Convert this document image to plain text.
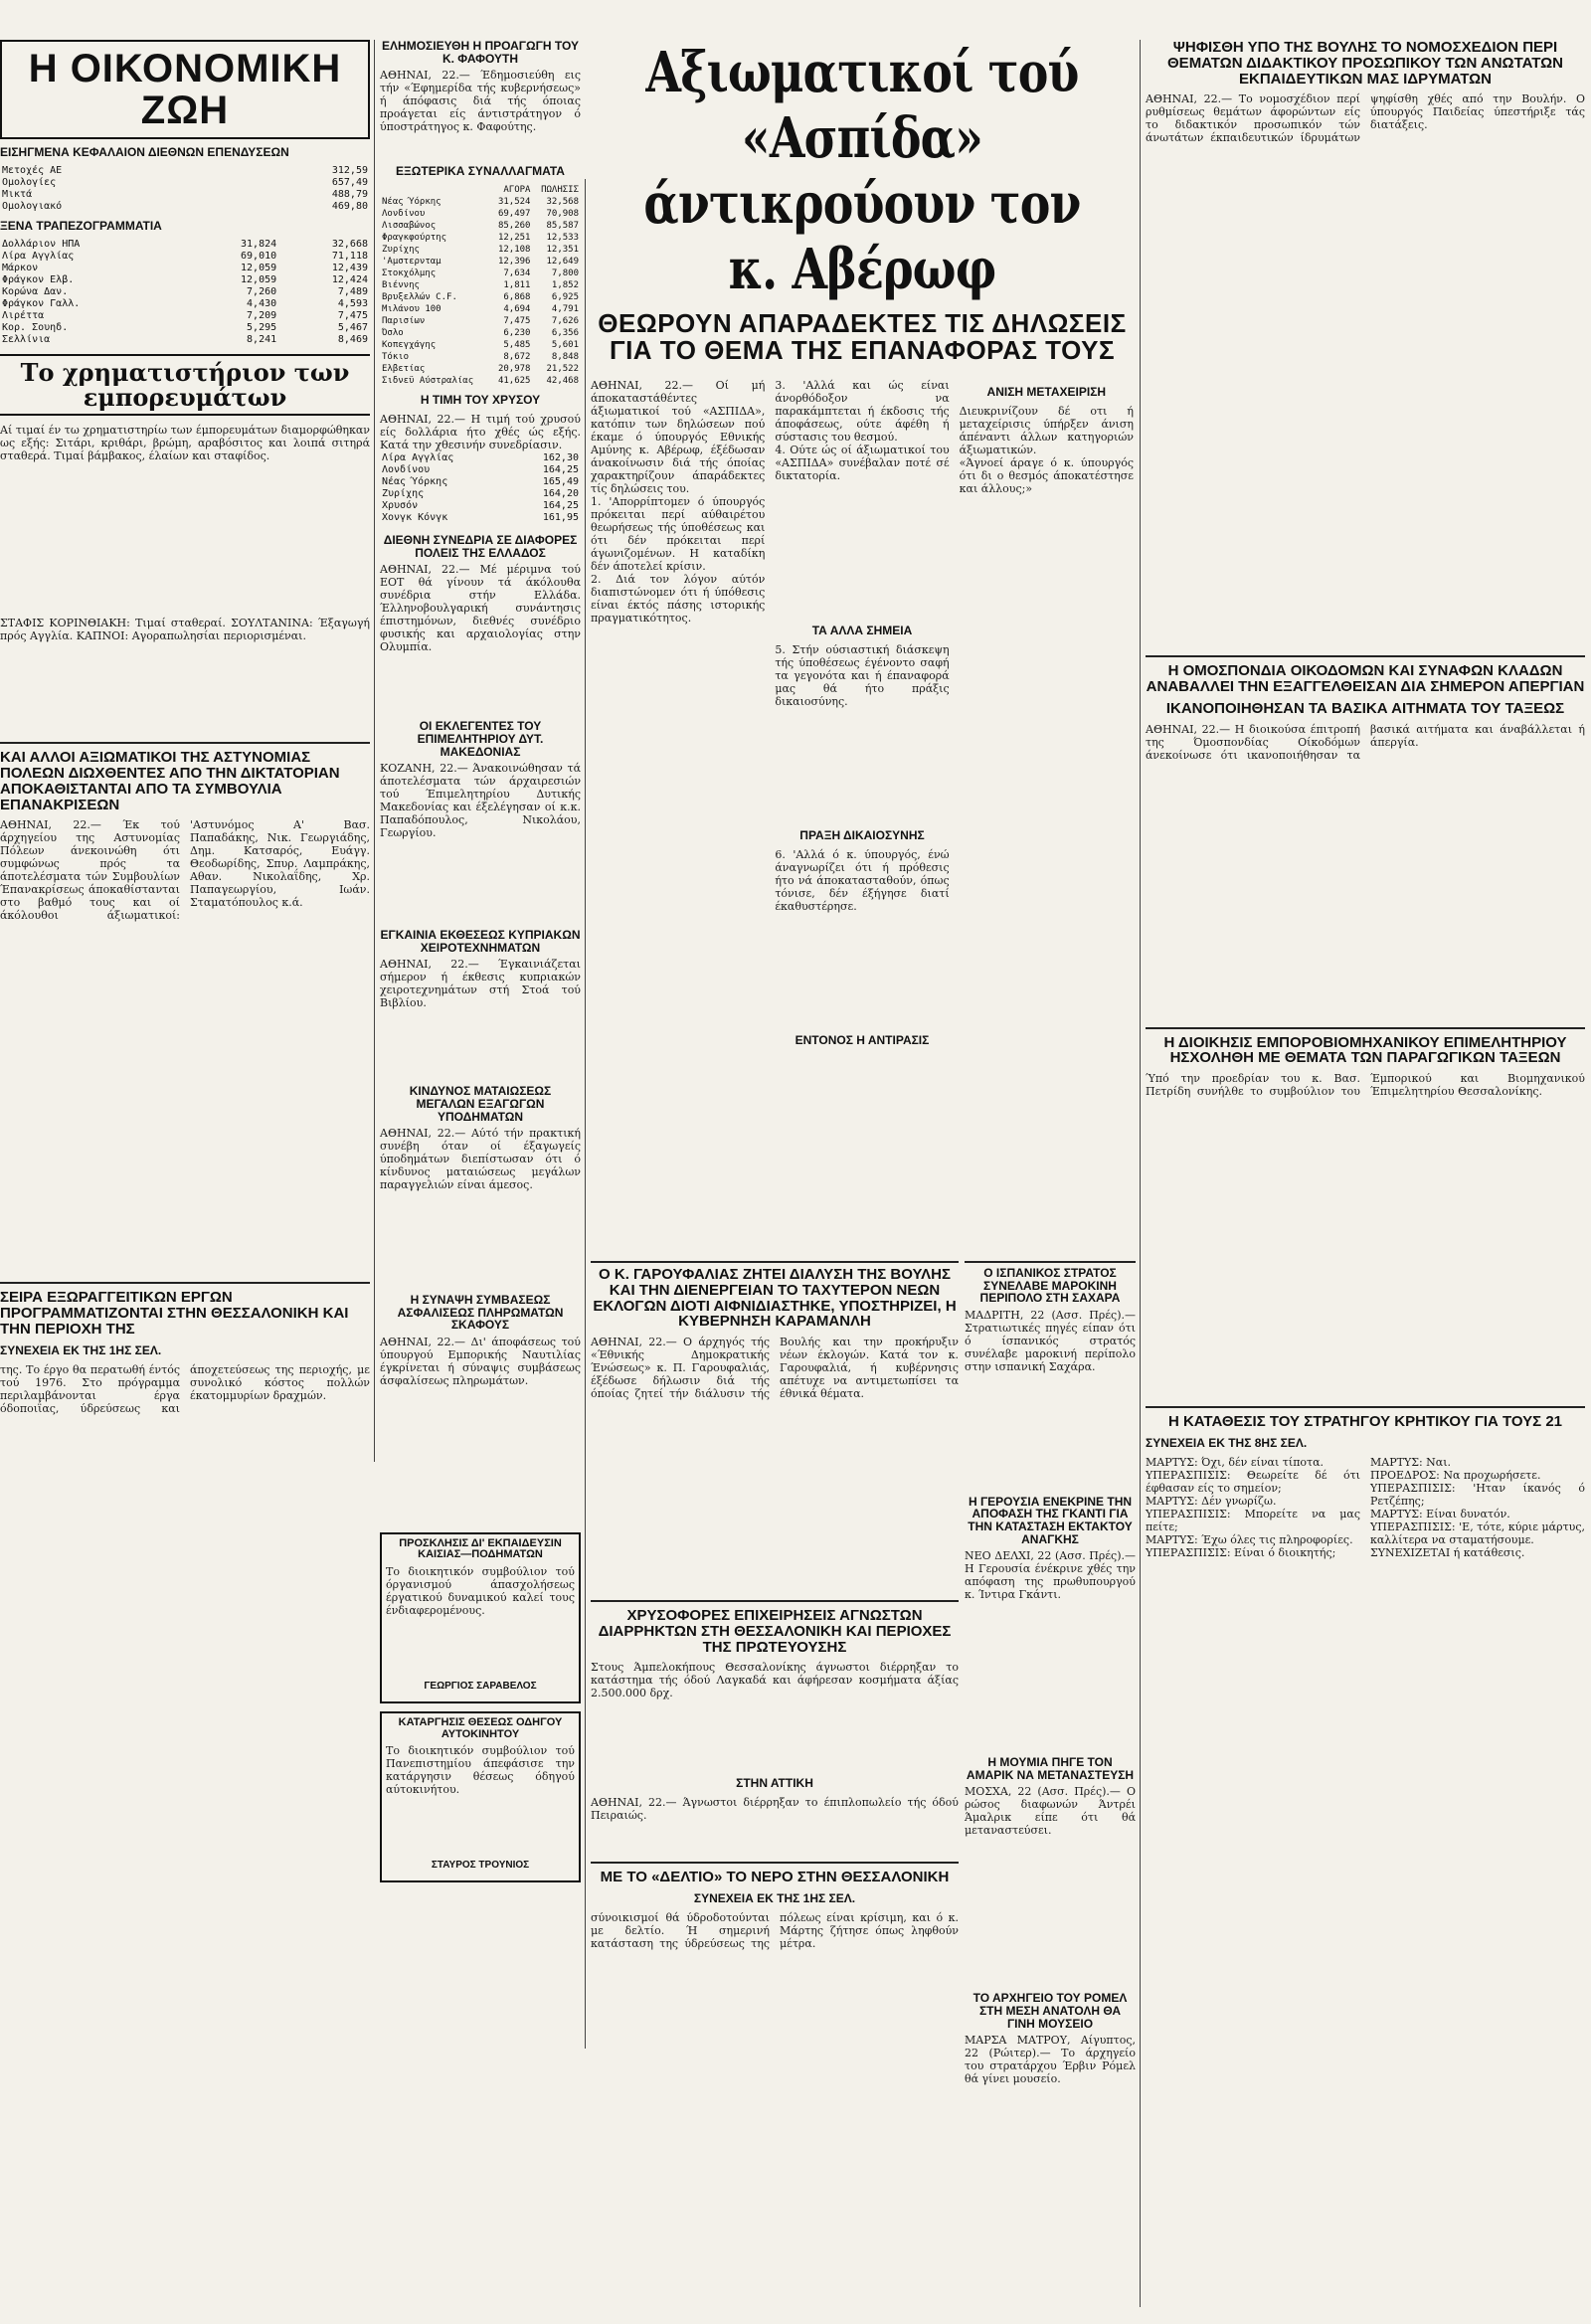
Η ΟΙΚΟΝΟΜΙΚΗ ΖΩΗ
ΕΙΣΗΓΜΕΝΑ ΚΕΦΑΛΑΙΟΝ ΔΙΕΘΝΩΝ ΕΠΕΝΔΥΣΕΩΝ
Μετοχές ΑΕ	312,59
Ομολογίες	657,49
Μικτά	488,79
Ομολογιακό	469,80
ΞΕΝΑ ΤΡΑΠΕΖΟΓΡΑΜΜΑΤΙΑ
Δολλάριον ΗΠΑ	31,824	32,668
Λίρα Αγγλίας	69,010	71,118
Μάρκον	12,059	12,439
Φράγκον Ελβ.	12,059	12,424
Κορώνα Δαν.	7,260	7,489
Φράγκον Γαλλ.	4,430	4,593
Λιρέττα	7,209	7,475
Κορ. Σουηδ.	5,295	5,467
Σελλίνια	8,241	8,469
Το χρηματιστήριον των εμπορευμάτων
Αί τιμαί έν τω χρηματιστηρίω των έμπορευμάτων διαμορφώθηκαν ως εξής: Σιτάρι, κριθάρι, βρώμη, αραβόσιτος και λοιπά σιτηρά σταθερά. Τιμαί βάμβακος, έλαίων και σταφίδος.
ΣΤΑΦΙΣ ΚΟΡΙΝΘΙΑΚΗ: Τιμαί σταθεραί. ΣΟΥΛΤΑΝΙΝΑ: Έξαγωγή πρός Αγγλία. ΚΑΠΝΟΙ: Αγοραπωλησίαι περιορισμέναι.
ΚΑΙ ΑΛΛΟΙ ΑΞΙΩΜΑΤΙΚΟΙ ΤΗΣ ΑΣΤΥΝΟΜΙΑΣ ΠΟΛΕΩΝ ΔΙΩΧΘΕΝΤΕΣ ΑΠΟ ΤΗΝ ΔΙΚΤΑΤΟΡΙΑΝ ΑΠΟΚΑΘΙΣΤΑΝΤΑΙ ΑΠΟ ΤΑ ΣΥΜΒΟΥΛΙΑ ΕΠΑΝΑΚΡΙΣΕΩΝ
ΑΘΗΝΑΙ, 22.— Έκ τού άρχηγείου της Αστυνομίας Πόλεων άνεκοινώθη ότι συμφώνως πρός τα άποτελέσματα τών Συμβουλίων Έπανακρίσεως άποκαθίστανται στο βαθμό τους και οί άκόλουθοι άξιωματικοί: 'Αστυνόμος Α' Βασ. Παπαδάκης, Νικ. Γεωργιάδης, Δημ. Κατσαρός, Ευάγγ. Θεοδωρίδης, Σπυρ. Λαμπράκης, Αθαν. Νικολαΐδης, Χρ. Παπαγεωργίου, Ιωάν. Σταματόπουλος κ.ά.
ΣΕΙΡΑ ΕΞΩΡΑΓΓΕΙΤΙΚΩΝ ΕΡΓΩΝ ΠΡΟΓΡΑΜΜΑΤΙΖΟΝΤΑΙ ΣΤΗΝ ΘΕΣΣΑΛΟΝΙΚΗ ΚΑΙ ΤΗΝ ΠΕΡΙΟΧΗ ΤΗΣ
ΣΥΝΕΧΕΙΑ ΕΚ ΤΗΣ 1ΗΣ ΣΕΛ.
της. Το έργο θα περατωθή έντός τού 1976. Στο πρόγραμμα περιλαμβάνονται έργα όδοποιΐας, ύδρεύσεως και άποχετεύσεως της περιοχής, με συνολικό κόστος πολλών έκατομμυρίων δραχμών.
ΕΛΗΜΟΣΙΕΥΘΗ Η ΠΡΟΑΓΩΓΗ ΤΟΥ Κ. ΦΑΦΟΥΤΗ
ΑΘΗΝΑΙ, 22.— Έδημοσιεύθη εις τήν «Έφημερίδα τής κυβερνήσεως» ή άπόφασις διά τής όποιας προάγεται είς άντιστράτηγον ό ύποστράτηγος κ. Φαφούτης.
ΕΞΩΤΕΡΙΚΑ ΣΥΝΑΛΛΑΓΜΑΤΑ
	ΑΓΟΡΑ	ΠΩΛΗΣΙΣ
Νέας Ύόρκης	31,524	32,568
Λονδίνου	69,497	70,908
Λισσαβώνος	85,260	85,587
Φραγκφούρτης	12,251	12,533
Ζυρίχης	12,108	12,351
'Αμστερνταμ	12,396	12,649
Στοκχόλμης	7,634	7,800
Βιέννης	1,811	1,852
Βρυξελλών C.F.	6,868	6,925
Μιλάνου 100	4,694	4,791
Παρισίων	7,475	7,626
Όσλο	6,230	6,356
Κοπεγχάγης	5,485	5,601
Τόκιο	8,672	8,848
Ελβετίας	20,978	21,522
Σιδνεϋ Αύστραλίας	41,625	42,468
Η ΤΙΜΗ ΤΟΥ ΧΡΥΣΟΥ
ΑΘΗΝΑΙ, 22.— Η τιμή τού χρυσού είς δολλάρια ήτο χθές ώς εξής. Κατά την χθεσινήν συνεδρίασιν.
Λίρα Αγγλίας	162,30
Λονδίνου	164,25
Νέας Ύόρκης	165,49
Ζυρίχης	164,20
Χρυσόν	164,25
Χονγκ Κόνγκ	161,95
ΔΙΕΘΝΗ ΣΥΝΕΔΡΙΑ ΣΕ ΔΙΑΦΟΡΕΣ ΠΟΛΕΙΣ ΤΗΣ ΕΛΛΑΔΟΣ
ΑΘΗΝΑΙ, 22.— Μέ μέριμνα τού ΕΟΤ θά γίνουν τά άκόλουθα συνέδρια στήν Ελλάδα. Έλληνοβουλγαρική συνάντησις έπιστημόνων, διεθνές συνέδριο φυσικής και αρχαιολογίας στην Ολυμπία.
ΟΙ ΕΚΛΕΓΕΝΤΕΣ ΤΟΥ ΕΠΙΜΕΛΗΤΗΡΙΟΥ ΔΥΤ. ΜΑΚΕΔΟΝΙΑΣ
ΚΟΖΑΝΗ, 22.— Άνακοινώθησαν τά άποτελέσματα τών άρχαιρεσιών τού Έπιμελητηρίου Δυτικής Μακεδονίας και έξελέγησαν οί κ.κ. Παπαδόπουλος, Νικολάου, Γεωργίου.
ΕΓΚΑΙΝΙΑ ΕΚΘΕΣΕΩΣ ΚΥΠΡΙΑΚΩΝ ΧΕΙΡΟΤΕΧΝΗΜΑΤΩΝ
ΑΘΗΝΑΙ, 22.— Έγκαινιάζεται σήμερον ή έκθεσις κυπριακών χειροτεχνημάτων στή Στοά τού Βιβλίου.
ΚΙΝΔΥΝΟΣ ΜΑΤΑΙΩΣΕΩΣ ΜΕΓΑΛΩΝ ΕΞΑΓΩΓΩΝ ΥΠΟΔΗΜΑΤΩΝ
ΑΘΗΝΑΙ, 22.— Αύτό τήν πρακτική συνέβη όταν οί έξαγωγείς ύποδημάτων διεπίστωσαν ότι ό κίνδυνος ματαιώσεως μεγάλων παραγγελιών είναι άμεσος.
Η ΣΥΝΑΨΗ ΣΥΜΒΑΣΕΩΣ ΑΣΦΑΛΙΣΕΩΣ ΠΛΗΡΩΜΑΤΩΝ ΣΚΑΦΟΥΣ
ΑΘΗΝΑΙ, 22.— Δι' άποφάσεως τού ύπουργού Εμπορικής Ναυτιλίας έγκρίνεται ή σύναψις συμβάσεως άσφαλίσεως πληρωμάτων.
ΠΡΟΣΚΛΗΣΙΣ ΔΙ' ΕΚΠΑΙΔΕΥΣΙΝ ΚΑΙΣΙΑΣ—ΠΟΔΗΜΑΤΩΝ
Το διοικητικόν συμβούλιον τού όργανισμού άπασχολήσεως έργατικού δυναμικού καλεί τους ένδιαφερομένους.
ΓΕΩΡΓΙΟΣ ΣΑΡΑΒΕΛΟΣ
ΚΑΤΑΡΓΗΣΙΣ ΘΕΣΕΩΣ ΟΔΗΓΟΥ ΑΥΤΟΚΙΝΗΤΟΥ
Το διοικητικόν συμβούλιον τού Πανεπιστημίου άπεφάσισε την κατάργησιν θέσεως όδηγού αύτοκινήτου.
ΣΤΑΥΡΟΣ ΤΡΟΥΝΙΟΣ
Αξιωματικοί τού «Ασπίδα»
άντικρούουν τον κ. Αβέρωφ
ΘΕΩΡΟΥΝ ΑΠΑΡΑΔΕΚΤΕΣ ΤΙΣ ΔΗΛΩΣΕΙΣ
ΓΙΑ ΤΟ ΘΕΜΑ ΤΗΣ ΕΠΑΝΑΦΟΡΑΣ ΤΟΥΣ
ΑΘΗΝΑΙ, 22.— Οί μή άποκαταστάθέντες άξιωματικοί τού «ΑΣΠΙΔΑ», κατόπιν των δηλώσεων πού έκαμε ό ύπουργός Εθνικής Αμύνης κ. Αβέρωφ, έξέδωσαν άνακοίνωσιν διά τής όποίας χαρακτηρίζουν άπαράδεκτες τίς δηλώσεις του.
1. 'Απορρίπτομεν ό ύπουργός πρόκειται περί αύθαιρέτου θεωρήσεως τής ύποθέσεως και ότι δέν πρόκειται περί άγωνιζομένων. Η καταδίκη δέν άποτελεί κρίσιν.
2. Διά τον λόγον αύτόν διαπιστώνομεν ότι ή ύπόθεσις είναι έκτός πάσης ιστορικής πραγματικότητος.
3. 'Αλλά και ώς είναι άνορθόδοξον να παρακάμπτεται ή έκδοσις τής άποφάσεως, ούτε άφέθη ή σύστασις του θεσμού.
4. Ούτε ώς οί άξιωματικοί του «ΑΣΠΙΔΑ» συνέβαλαν ποτέ σέ δικτατορία.
ΤΑ ΑΛΛΑ ΣΗΜΕΙΑ
5. Στήν ούσιαστική διάσκεψη τής ύποθέσεως έγένοντο σαφή τα γεγονότα και ή έπαναφορά μας θά ήτο πράξις δικαιοσύνης.
ΠΡΑΞΗ ΔΙΚΑΙΟΣΥΝΗΣ
6. 'Αλλά ό κ. ύπουργός, ένώ άναγνωρίζει ότι ή πρόθεσις ήτο νά άποκατασταθούν, όπως τόνισε, δέν έξήγησε διατί έκαθυστέρησε.
ΕΝΤΟΝΟΣ Η ΑΝΤΙΡΑΣΙΣ
ΑΝΙΣΗ ΜΕΤΑΧΕΙΡΙΣΗ
Διευκρινίζουν δέ οτι ή μεταχείρισις ύπήρξεν άνιση άπέναντι άλλων κατηγοριών άξιωματικών.
«Άγνοεί άραγε ό κ. ύπουργός ότι δι ο θεσμός άποκατέστησε και άλλους;»
Ο Κ. ΓΑΡΟΥΦΑΛΙΑΣ ΖΗΤΕΙ ΔΙΑΛΥΣΗ ΤΗΣ ΒΟΥΛΗΣ ΚΑΙ ΤΗΝ ΔΙΕΝΕΡΓΕΙΑΝ ΤΟ ΤΑΧΥΤΕΡΟΝ ΝΕΩΝ ΕΚΛΟΓΩΝ ΔΙΟΤΙ ΑΙΦΝΙΔΙΑΣΤΗΚΕ, ΥΠΟΣΤΗΡΙΖΕΙ, Η ΚΥΒΕΡΝΗΣΗ ΚΑΡΑΜΑΝΛΗ
ΑΘΗΝΑΙ, 22.— Ο άρχηγός τής «Έθνικής Δημοκρατικής Ένώσεως» κ. Π. Γαρουφαλιάς, έξέδωσε δήλωσιν διά τής όποίας ζητεί τήν διάλυσιν τής Βουλής και την προκήρυξιν νέων έκλογών. Κατά τον κ. Γαρουφαλιά, ή κυβέρνησις απέτυχε να αντιμετωπίσει τα έθνικά θέματα.
ΧΡΥΣΟΦΟΡΕΣ ΕΠΙΧΕΙΡΗΣΕΙΣ ΑΓΝΩΣΤΩΝ ΔΙΑΡΡΗΚΤΩΝ ΣΤΗ ΘΕΣΣΑΛΟΝΙΚΗ ΚΑΙ ΠΕΡΙΟΧΕΣ ΤΗΣ ΠΡΩΤΕΥΟΥΣΗΣ
Στους Άμπελοκήπους Θεσσαλονίκης άγνωστοι διέρρηξαν το κατάστημα τής όδού Λαγκαδά και άφήρεσαν κοσμήματα άξίας 2.500.000 δρχ.
ΣΤΗΝ ΑΤΤΙΚΗ
ΑΘΗΝΑΙ, 22.— Άγνωστοι διέρρηξαν το έπιπλοπωλείο τής όδού Πειραιώς.
ΜΕ ΤΟ «ΔΕΛΤΙΟ» ΤΟ ΝΕΡΟ ΣΤΗΝ ΘΕΣΣΑΛΟΝΙΚΗ
ΣΥΝΕΧΕΙΑ ΕΚ ΤΗΣ 1ΗΣ ΣΕΛ.
σύνοικισμοί θά ύδροδοτούνται με δελτίο. Ή σημερινή κατάσταση της ύδρεύσεως της πόλεως είναι κρίσιμη, και ό κ. Μάρτης ζήτησε όπως ληφθούν μέτρα.
Ο ΙΣΠΑΝΙΚΟΣ ΣΤΡΑΤΟΣ ΣΥΝΕΛΑΒΕ ΜΑΡΟΚΙΝΗ ΠΕΡΙΠΟΛΟ ΣΤΗ ΣΑΧΑΡΑ
ΜΑΔΡΙΤΗ, 22 (Ασσ. Πρές).— Στρατιωτικές πηγές είπαν ότι ό ίσπανικός στρατός συνέλαβε μαροκινή περίπολο στην ισπανική Σαχάρα.
Η ΓΕΡΟΥΣΙΑ ΕΝΕΚΡΙΝΕ ΤΗΝ ΑΠΟΦΑΣΗ ΤΗΣ ΓΚΑΝΤΙ ΓΙΑ ΤΗΝ ΚΑΤΑΣΤΑΣΗ ΕΚΤΑΚΤΟΥ ΑΝΑΓΚΗΣ
ΝΕΟ ΔΕΛΧΙ, 22 (Ασσ. Πρές).— Η Γερουσία ένέκρινε χθές την απόφαση της πρωθυπουργού κ. Ίντιρα Γκάντι.
Η ΜΟΥΜΙΑ ΠΗΓΕ ΤΟΝ ΑΜΑΡΙΚ ΝΑ ΜΕΤΑΝΑΣΤΕΥΣΗ
ΜΟΣΧΑ, 22 (Ασσ. Πρές).— Ο ρώσος διαφωνών Άντρέι Άμαλρικ είπε ότι θά μεταναστεύσει.
ΤΟ ΑΡΧΗΓΕΙΟ ΤΟΥ ΡΟΜΕΛ ΣΤΗ ΜΕΣΗ ΑΝΑΤΟΛΗ ΘΑ ΓΙΝΗ ΜΟΥΣΕΙΟ
ΜΑΡΣΑ ΜΑΤΡΟΥ, Αίγυπτος, 22 (Ρώιτερ).— Το άρχηγείο του στρατάρχου Έρβιν Ρόμελ θά γίνει μουσείο.
ΨΗΦΙΣΘΗ ΥΠΟ ΤΗΣ ΒΟΥΛΗΣ ΤΟ ΝΟΜΟΣΧΕΔΙΟΝ ΠΕΡΙ ΘΕΜΑΤΩΝ ΔΙΔΑΚΤΙΚΟΥ ΠΡΟΣΩΠΙΚΟΥ ΤΩΝ ΑΝΩΤΑΤΩΝ ΕΚΠΑΙΔΕΥΤΙΚΩΝ ΜΑΣ ΙΔΡΥΜΑΤΩΝ
ΑΘΗΝΑΙ, 22.— Το νομοσχέδιον περί ρυθμίσεως θεμάτων άφορώντων είς το διδακτικόν προσωπικόν τών άνωτάτων έκπαιδευτικών ίδρυμάτων ψηφίσθη χθές από την Βουλήν. Ο ύπουργός Παιδείας ύπεστήριξε τάς διατάξεις.
Η ΟΜΟΣΠΟΝΔΙΑ ΟΙΚΟΔΟΜΩΝ ΚΑΙ ΣΥΝΑΦΩΝ ΚΛΑΔΩΝ ΑΝΑΒΑΛΛΕΙ ΤΗΝ ΕΞΑΓΓΕΛΘΕΙΣΑΝ ΔΙΑ ΣΗΜΕΡΟΝ ΑΠΕΡΓΙΑΝ
ΙΚΑΝΟΠΟΙΗΘΗΣΑΝ ΤΑ ΒΑΣΙΚΑ ΑΙΤΗΜΑΤΑ ΤΟΥ ΤΑΞΕΩΣ
ΑΘΗΝΑΙ, 22.— Η διοικούσα έπιτροπή της Όμοσπονδίας Οίκοδόμων άνεκοίνωσε ότι ικανοποιήθησαν τα βασικά αιτήματα και άναβάλλεται ή άπεργία.
Η ΔΙΟΙΚΗΣΙΣ ΕΜΠΟΡΟΒΙΟΜΗΧΑΝΙΚΟΥ ΕΠΙΜΕΛΗΤΗΡΙΟΥ ΗΣΧΟΛΗΘΗ ΜΕ ΘΕΜΑΤΑ ΤΩΝ ΠΑΡΑΓΩΓΙΚΩΝ ΤΑΞΕΩΝ
Ύπό την προεδρίαν του κ. Βασ. Πετρίδη συνήλθε το συμβούλιον του Έμπορικού και Βιομηχανικού Έπιμελητηρίου Θεσσαλονίκης.
Η ΚΑΤΑΘΕΣΙΣ ΤΟΥ ΣΤΡΑΤΗΓΟΥ ΚΡΗΤΙΚΟΥ ΓΙΑ ΤΟΥΣ 21
ΣΥΝΕΧΕΙΑ ΕΚ ΤΗΣ 8ΗΣ ΣΕΛ.
ΜΑΡΤΥΣ: Όχι, δέν είναι τίποτα.
ΥΠΕΡΑΣΠΙΣΙΣ: Θεωρείτε δέ ότι έφθασαν είς το σημείον;
ΜΑΡΤΥΣ: Δέν γνωρίζω.
ΥΠΕΡΑΣΠΙΣΙΣ: Μπορείτε να μας πείτε;
ΜΑΡΤΥΣ: Έχω όλες τις πληροφορίες.
ΥΠΕΡΑΣΠΙΣΙΣ: Είναι ό διοικητής;
ΜΑΡΤΥΣ: Ναι.
ΠΡΟΕΔΡΟΣ: Να προχωρήσετε.
ΥΠΕΡΑΣΠΙΣΙΣ: 'Ηταν ίκανός ό Ρετζέπης;
ΜΑΡΤΥΣ: Είναι δυνατόν.
ΥΠΕΡΑΣΠΙΣΙΣ: 'Ε, τότε, κύριε μάρτυς, καλλίτερα να σταματήσουμε.
ΣΥΝΕΧΙΖΕΤΑΙ ή κατάθεσις.
